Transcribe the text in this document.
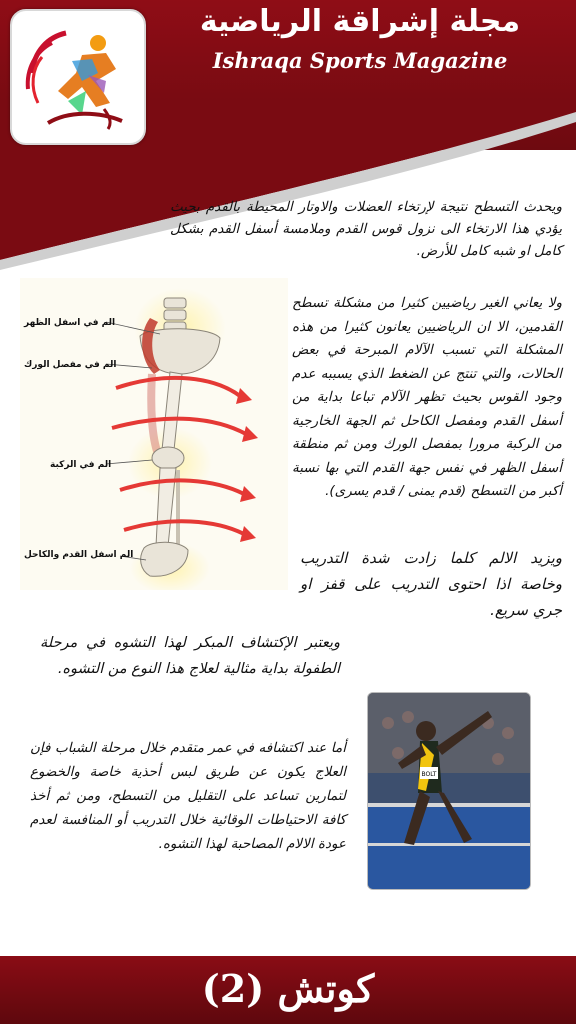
مجلة إشراقة الرياضية
Ishraqa Sports Magazine
ويحدث التسطح نتيجة لإرتخاء العضلات والاوتار المحيطة بالقدم بحيث يؤدي هذا الارتخاء الى نزول قوس القدم وملامسة أسفل القدم بشكل كامل او شبه كامل للأرض.
ولا يعاني الغير رياضيين كثيرا من مشكلة تسطح القدمين، الا ان الرياضيين يعانون كثيرا من هذه المشكلة التي تسبب الآلام المبرحة في بعض الحالات، والتي تنتج عن الضغط الذي يسببه عدم وجود القوس بحيث تظهر الآلام تباعا بداية من أسفل القدم ومفصل الكاحل ثم الجهة الخارجية من الركبة مرورا بمفصل الورك ومن ثم منطقة أسفل الظهر في نفس جهة القدم التي بها نسبة أكبر من التسطح (قدم يمنى / قدم يسرى).
ويزيد الالم كلما زادت شدة التدريب وخاصة اذا احتوى التدريب على قفز او جري سريع.
ويعتبر الإكتشاف المبكر لهذا التشوه في مرحلة الطفولة بداية مثالية لعلاج هذا النوع من التشوه.
أما عند اكتشافه في عمر متقدم خلال مرحلة الشباب فإن العلاج يكون عن طريق لبس أحذية خاصة والخضوع لتمارين تساعد على التقليل من التسطح، ومن ثم أخذ كافة الاحتياطات الوقائية خلال التدريب أو المنافسة لعدم عودة الالام المصاحبة لهذا التشوه.
الم في اسفل الظهر
الم في مفصل الورك
الم في الركبة
الم اسفل القدم والكاحل
BOLT
كوتش (2)
